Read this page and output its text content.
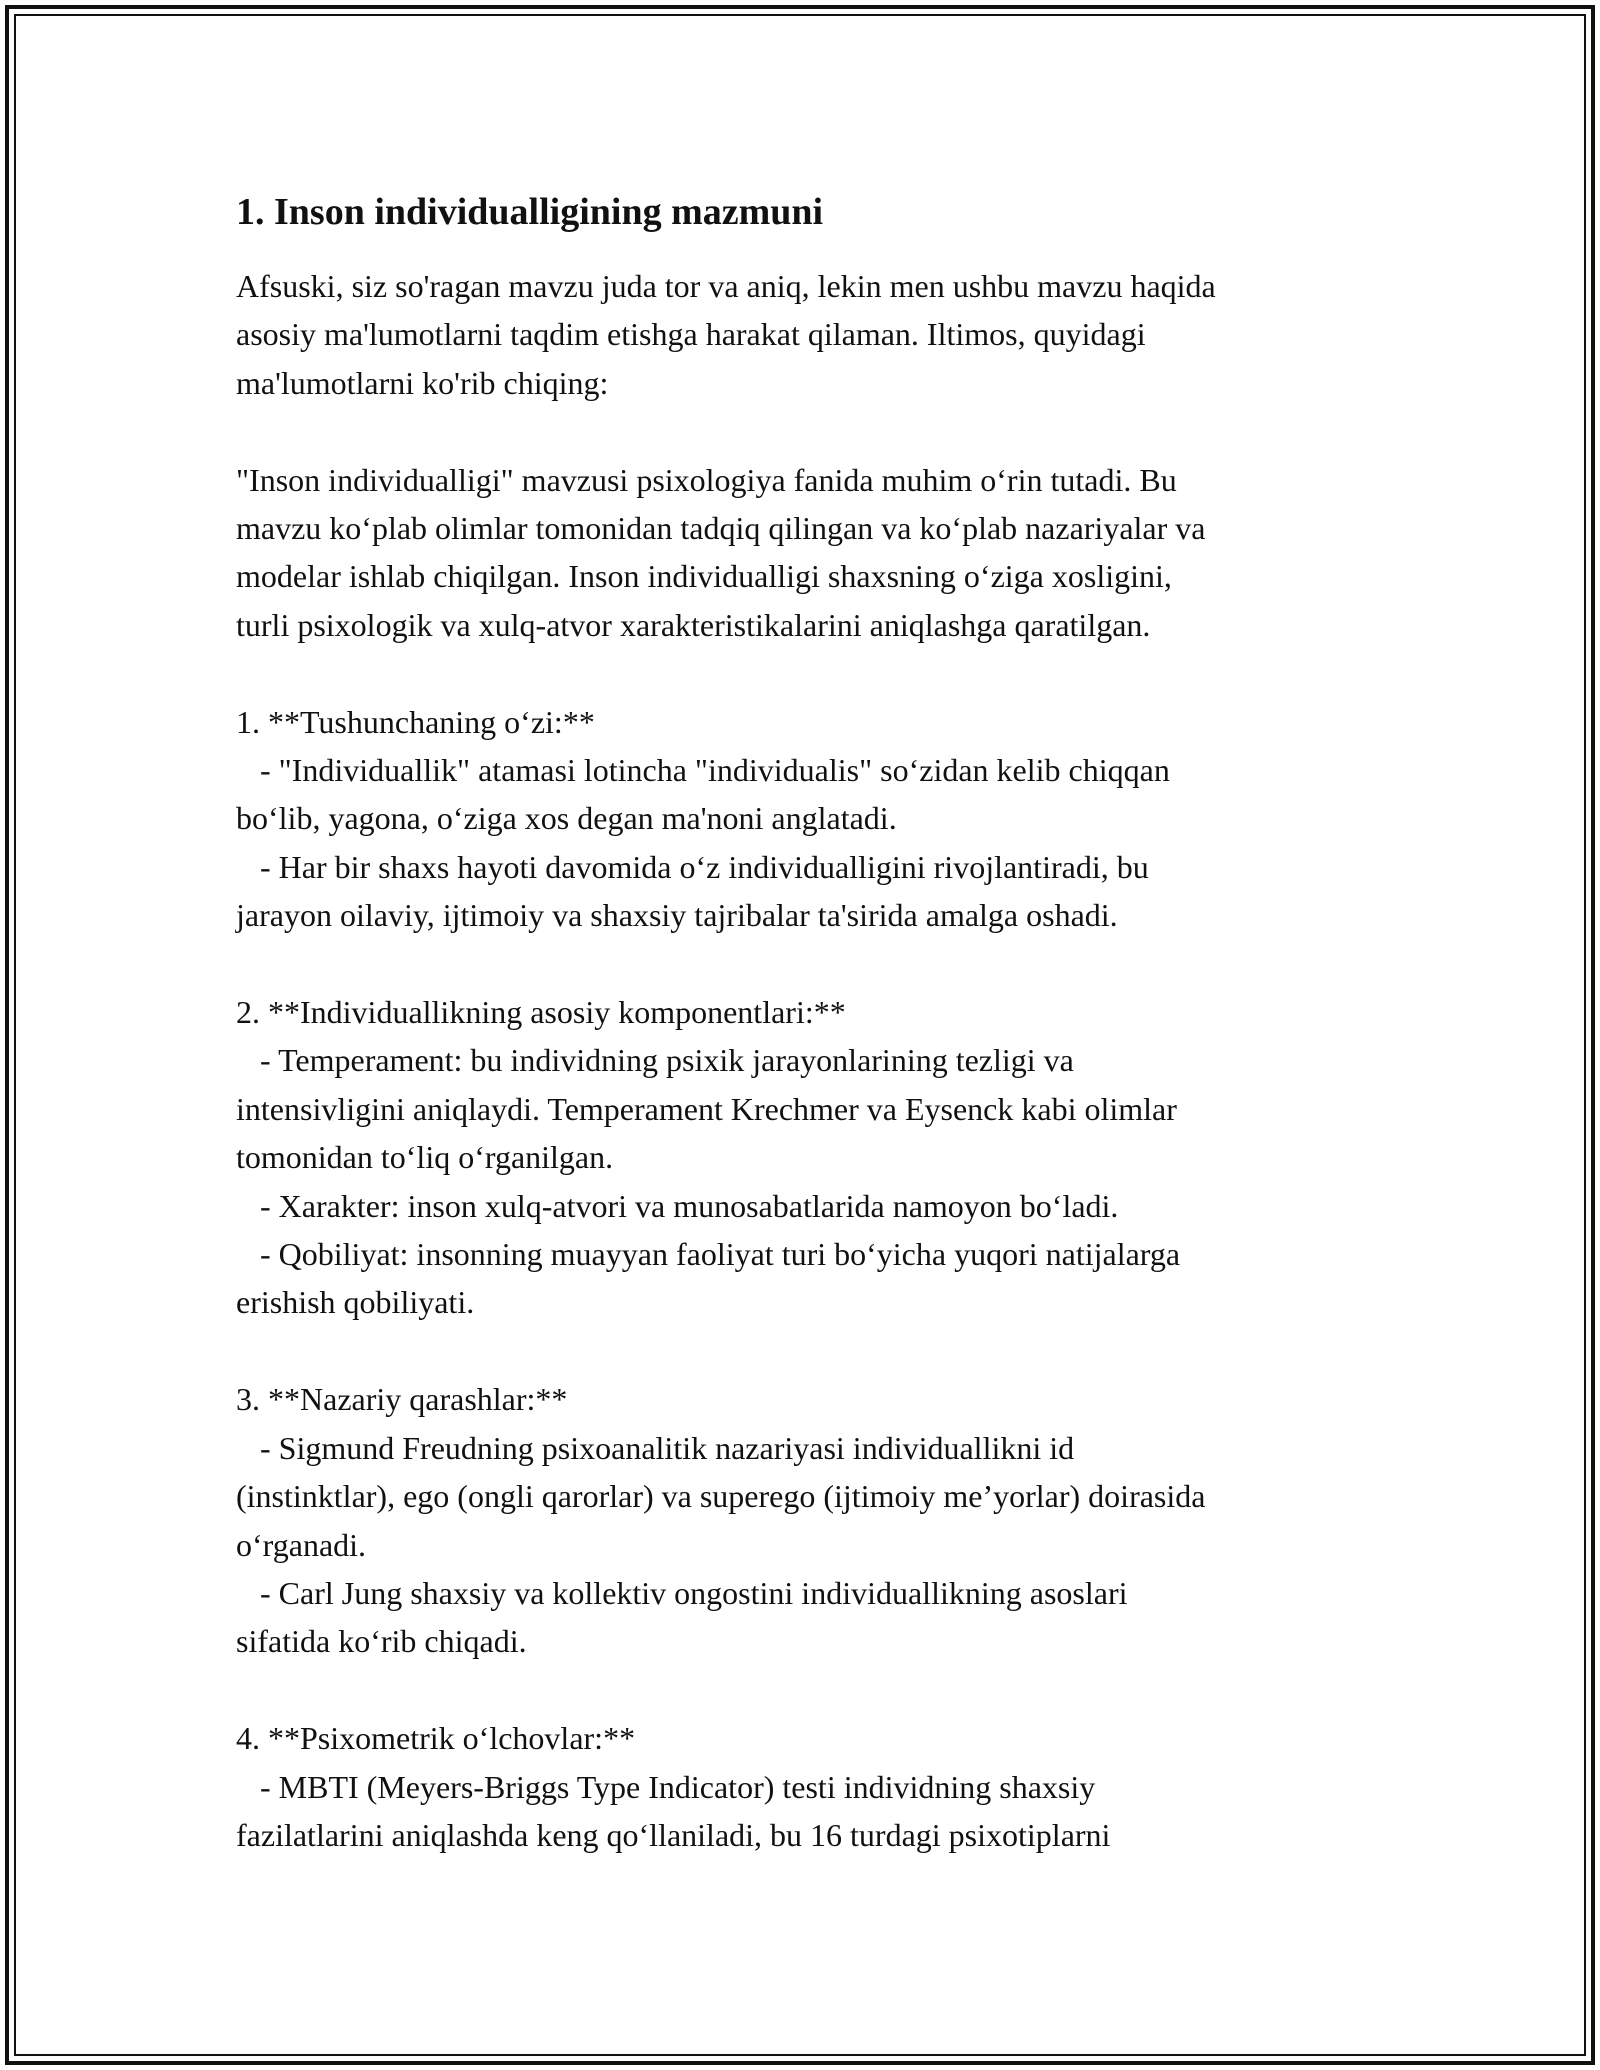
1. Inson individualligining mazmuni

Afsuski, siz so'ragan mavzu juda tor va aniq, lekin men ushbu mavzu haqida
asosiy ma'lumotlarni taqdim etishga harakat qilaman. Iltimos, quyidagi
ma'lumotlarni ko'rib chiqing:

"Inson individualligi" mavzusi psixologiya fanida muhim o‘rin tutadi. Bu
mavzu ko‘plab olimlar tomonidan tadqiq qilingan va ko‘plab nazariyalar va
modelar ishlab chiqilgan. Inson individualligi shaxsning o‘ziga xosligini,
turli psixologik va xulq-atvor xarakteristikalarini aniqlashga qaratilgan.

1. **Tushunchaning o‘zi:**
- "Individuallik" atamasi lotincha "individualis" so‘zidan kelib chiqqan
bo‘lib, yagona, o‘ziga xos degan ma'noni anglatadi.
- Har bir shaxs hayoti davomida o‘z individualligini rivojlantiradi, bu
jarayon oilaviy, ijtimoiy va shaxsiy tajribalar ta'sirida amalga oshadi.

2. **Individuallikning asosiy komponentlari:**
- Temperament: bu individning psixik jarayonlarining tezligi va
intensivligini aniqlaydi. Temperament Krechmer va Eysenck kabi olimlar
tomonidan to‘liq o‘rganilgan.
- Xarakter: inson xulq-atvori va munosabatlarida namoyon bo‘ladi.
- Qobiliyat: insonning muayyan faoliyat turi bo‘yicha yuqori natijalarga
erishish qobiliyati.

3. **Nazariy qarashlar:**
- Sigmund Freudning psixoanalitik nazariyasi individuallikni id
(instinktlar), ego (ongli qarorlar) va superego (ijtimoiy me’yorlar) doirasida
o‘rganadi.
- Carl Jung shaxsiy va kollektiv ongostini individuallikning asoslari
sifatida ko‘rib chiqadi.

4. **Psixometrik o‘lchovlar:**
- MBTI (Meyers-Briggs Type Indicator) testi individning shaxsiy
fazilatlarini aniqlashda keng qo‘llaniladi, bu 16 turdagi psixotiplarni
